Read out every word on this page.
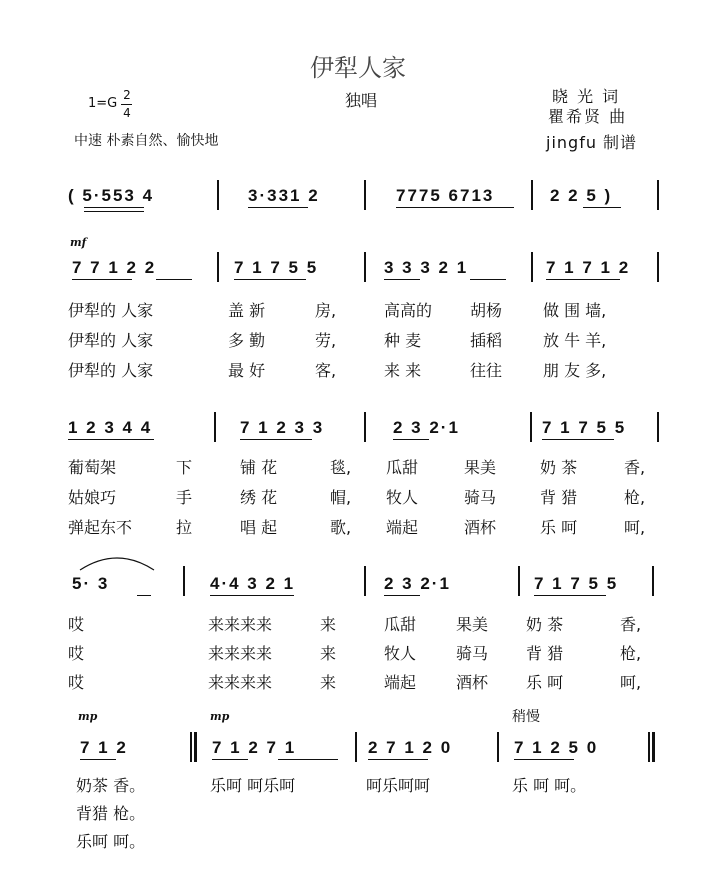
伊犁人家
独唱	晓 光 词
瞿希贤 曲
jingfu 制谱
1=G
2
4
中速 朴素自然、愉快地
( 5·553 4	3·331 2	7775 6713	2 2 5 )
mf
7 7 1 2 2	7 1 7 5 5	3 3 3 2 1	7 1 7 1 2
伊犁的 人家	盖 新	房,	高高的 胡杨	做 围 墙,
伊犁的 人家	多 勤	劳,	种 麦	插稻	放 牛 羊,
伊犁的 人家	最 好	客,	来 来	往往	朋 友 多,
1 2 3 4 4	7 1 2 3 3	2 3 2·1	7 1 7 5 5
葡萄架	下	铺 花	毯, 瓜甜	果美	奶 茶	香,
姑娘巧	手	绣 花	帽, 牧人	骑马	背 猎	枪,
弹起东不	拉	唱 起	歌, 端起	酒杯	乐 呵	呵,
5· 3	4·4 3 2 1	2 3 2·1	7 1 7 5 5
哎	来来来来	来	瓜甜 果美 奶 茶	香,
哎	来来来来	来	牧人 骑马 背 猎	枪,
哎	来来来来	来	端起 酒杯 乐 呵	呵,
mp	mp	稍慢
7 1 2	7 1 2 7 1	2 7 1 2 0	7 1 2 5 0
奶茶 香。	乐呵 呵乐呵	呵乐呵呵	乐 呵 呵。
背猎 枪。
乐呵 呵。
